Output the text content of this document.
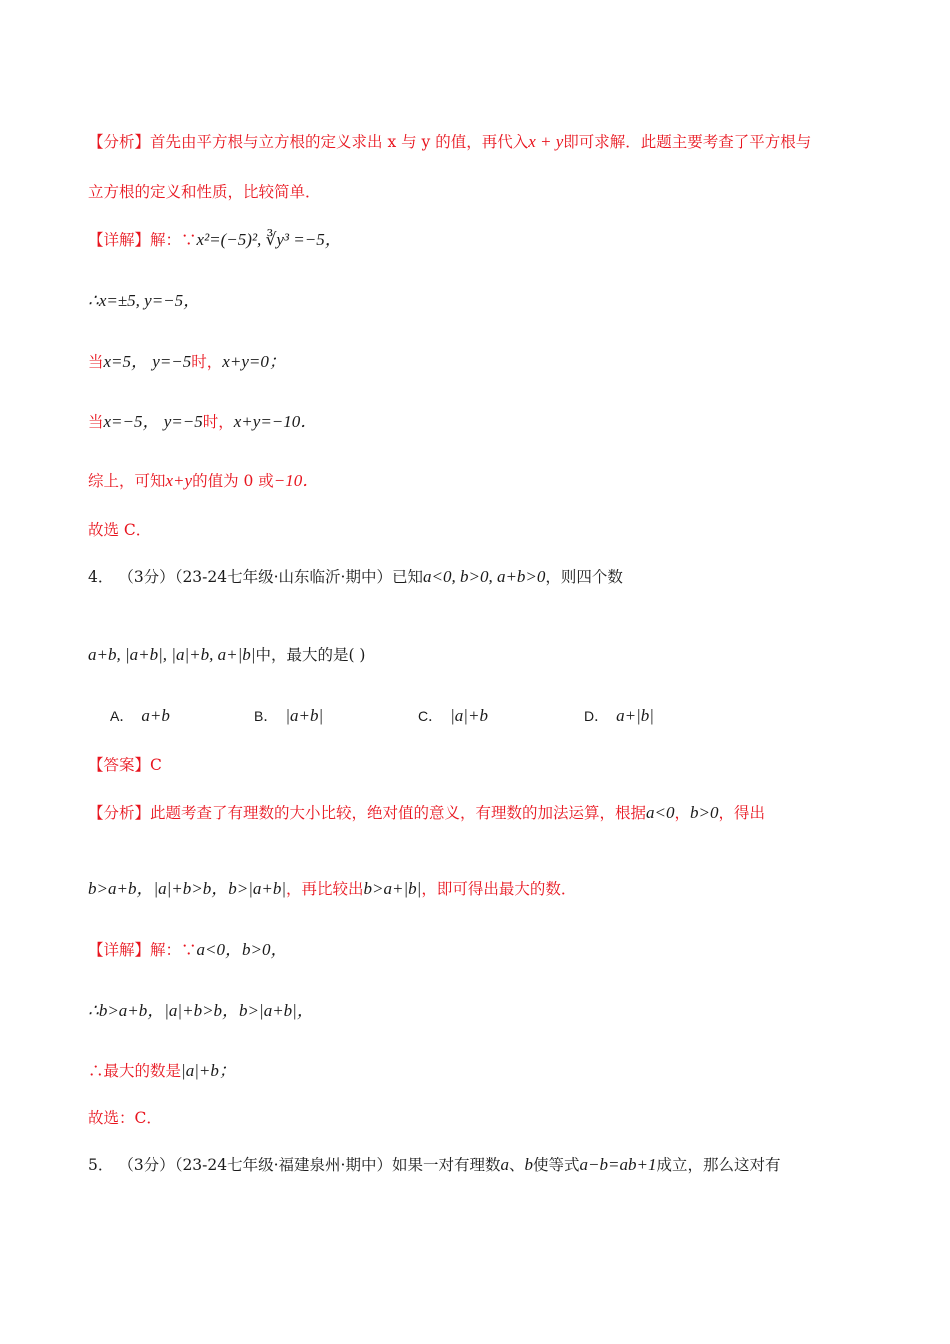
【分析】首先由平方根与立方根的定义求出 x 与 y 的值，再代入x + y即可求解．此题主要考查了平方根与
立方根的定义和性质，比较简单．
【详解】解：∵x²=(−5)², ∛y³ =−5，
∴x=±5, y=−5，
当x=5， y=−5时，x+y=0；
当x=−5， y=−5时，x+y=−10．
综上，可知x+y的值为 0 或−10．
故选 C．
4． （3分）（23-24七年级·山东临沂·期中）已知a<0, b>0, a+b>0，则四个数
a+b, |a+b|, |a|+b, a+|b|中，最大的是( )
A． a+b	B． |a+b|	C． |a|+b	D． a+|b|
【答案】C
【分析】此题考查了有理数的大小比较，绝对值的意义，有理数的加法运算，根据a<0，b>0，得出
b>a+b，|a|+b>b，b>|a+b|，再比较出b>a+|b|，即可得出最大的数．
【详解】解：∵a<0，b>0，
∴b>a+b，|a|+b>b，b>|a+b|，
∴最大的数是|a|+b；
故选：C．
5． （3分）（23-24七年级·福建泉州·期中）如果一对有理数a、b使等式a−b=ab+1成立，那么这对有
